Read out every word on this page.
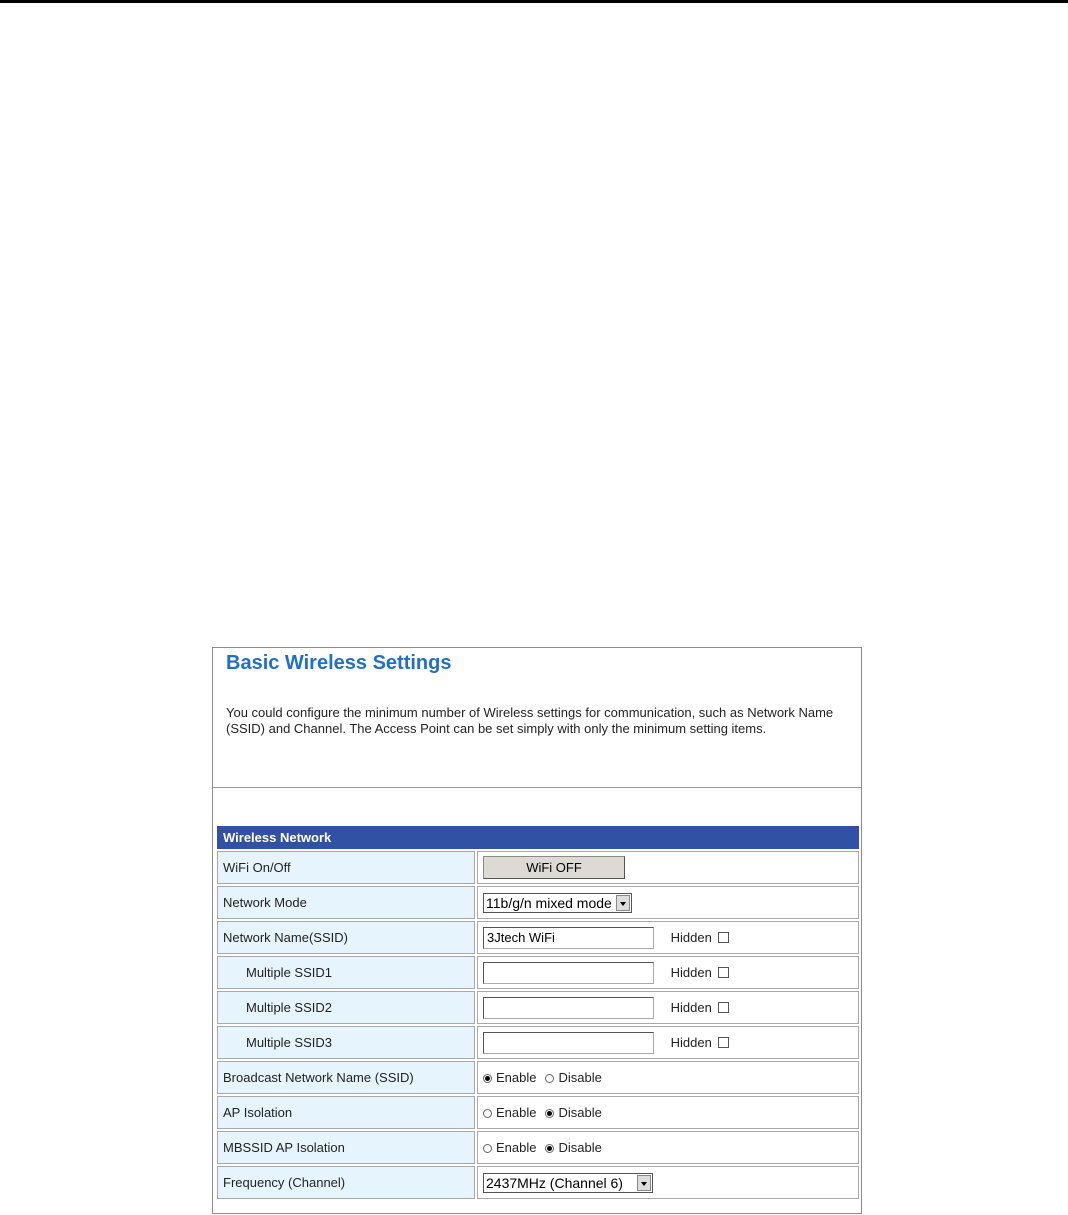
Basic Wireless Settings

You could configure the minimum number of Wireless settings for communication, such as Network Name (SSID) and Channel. The Access Point can be set simply with only the minimum setting items.

Wireless Network	
WiFi On/Off	WiFi OFF
Network Mode	11b/g/n mixed mode

Network Name(SSID)	3Jtech WiFiHidden
Multiple SSID1	Hidden
Multiple SSID2	Hidden
Multiple SSID3	Hidden
Broadcast Network Name (SSID)	Enable Disable
AP Isolation	Enable Disable
MBSSID AP Isolation	Enable Disable
Frequency (Channel)	2437MHz (Channel 6)
